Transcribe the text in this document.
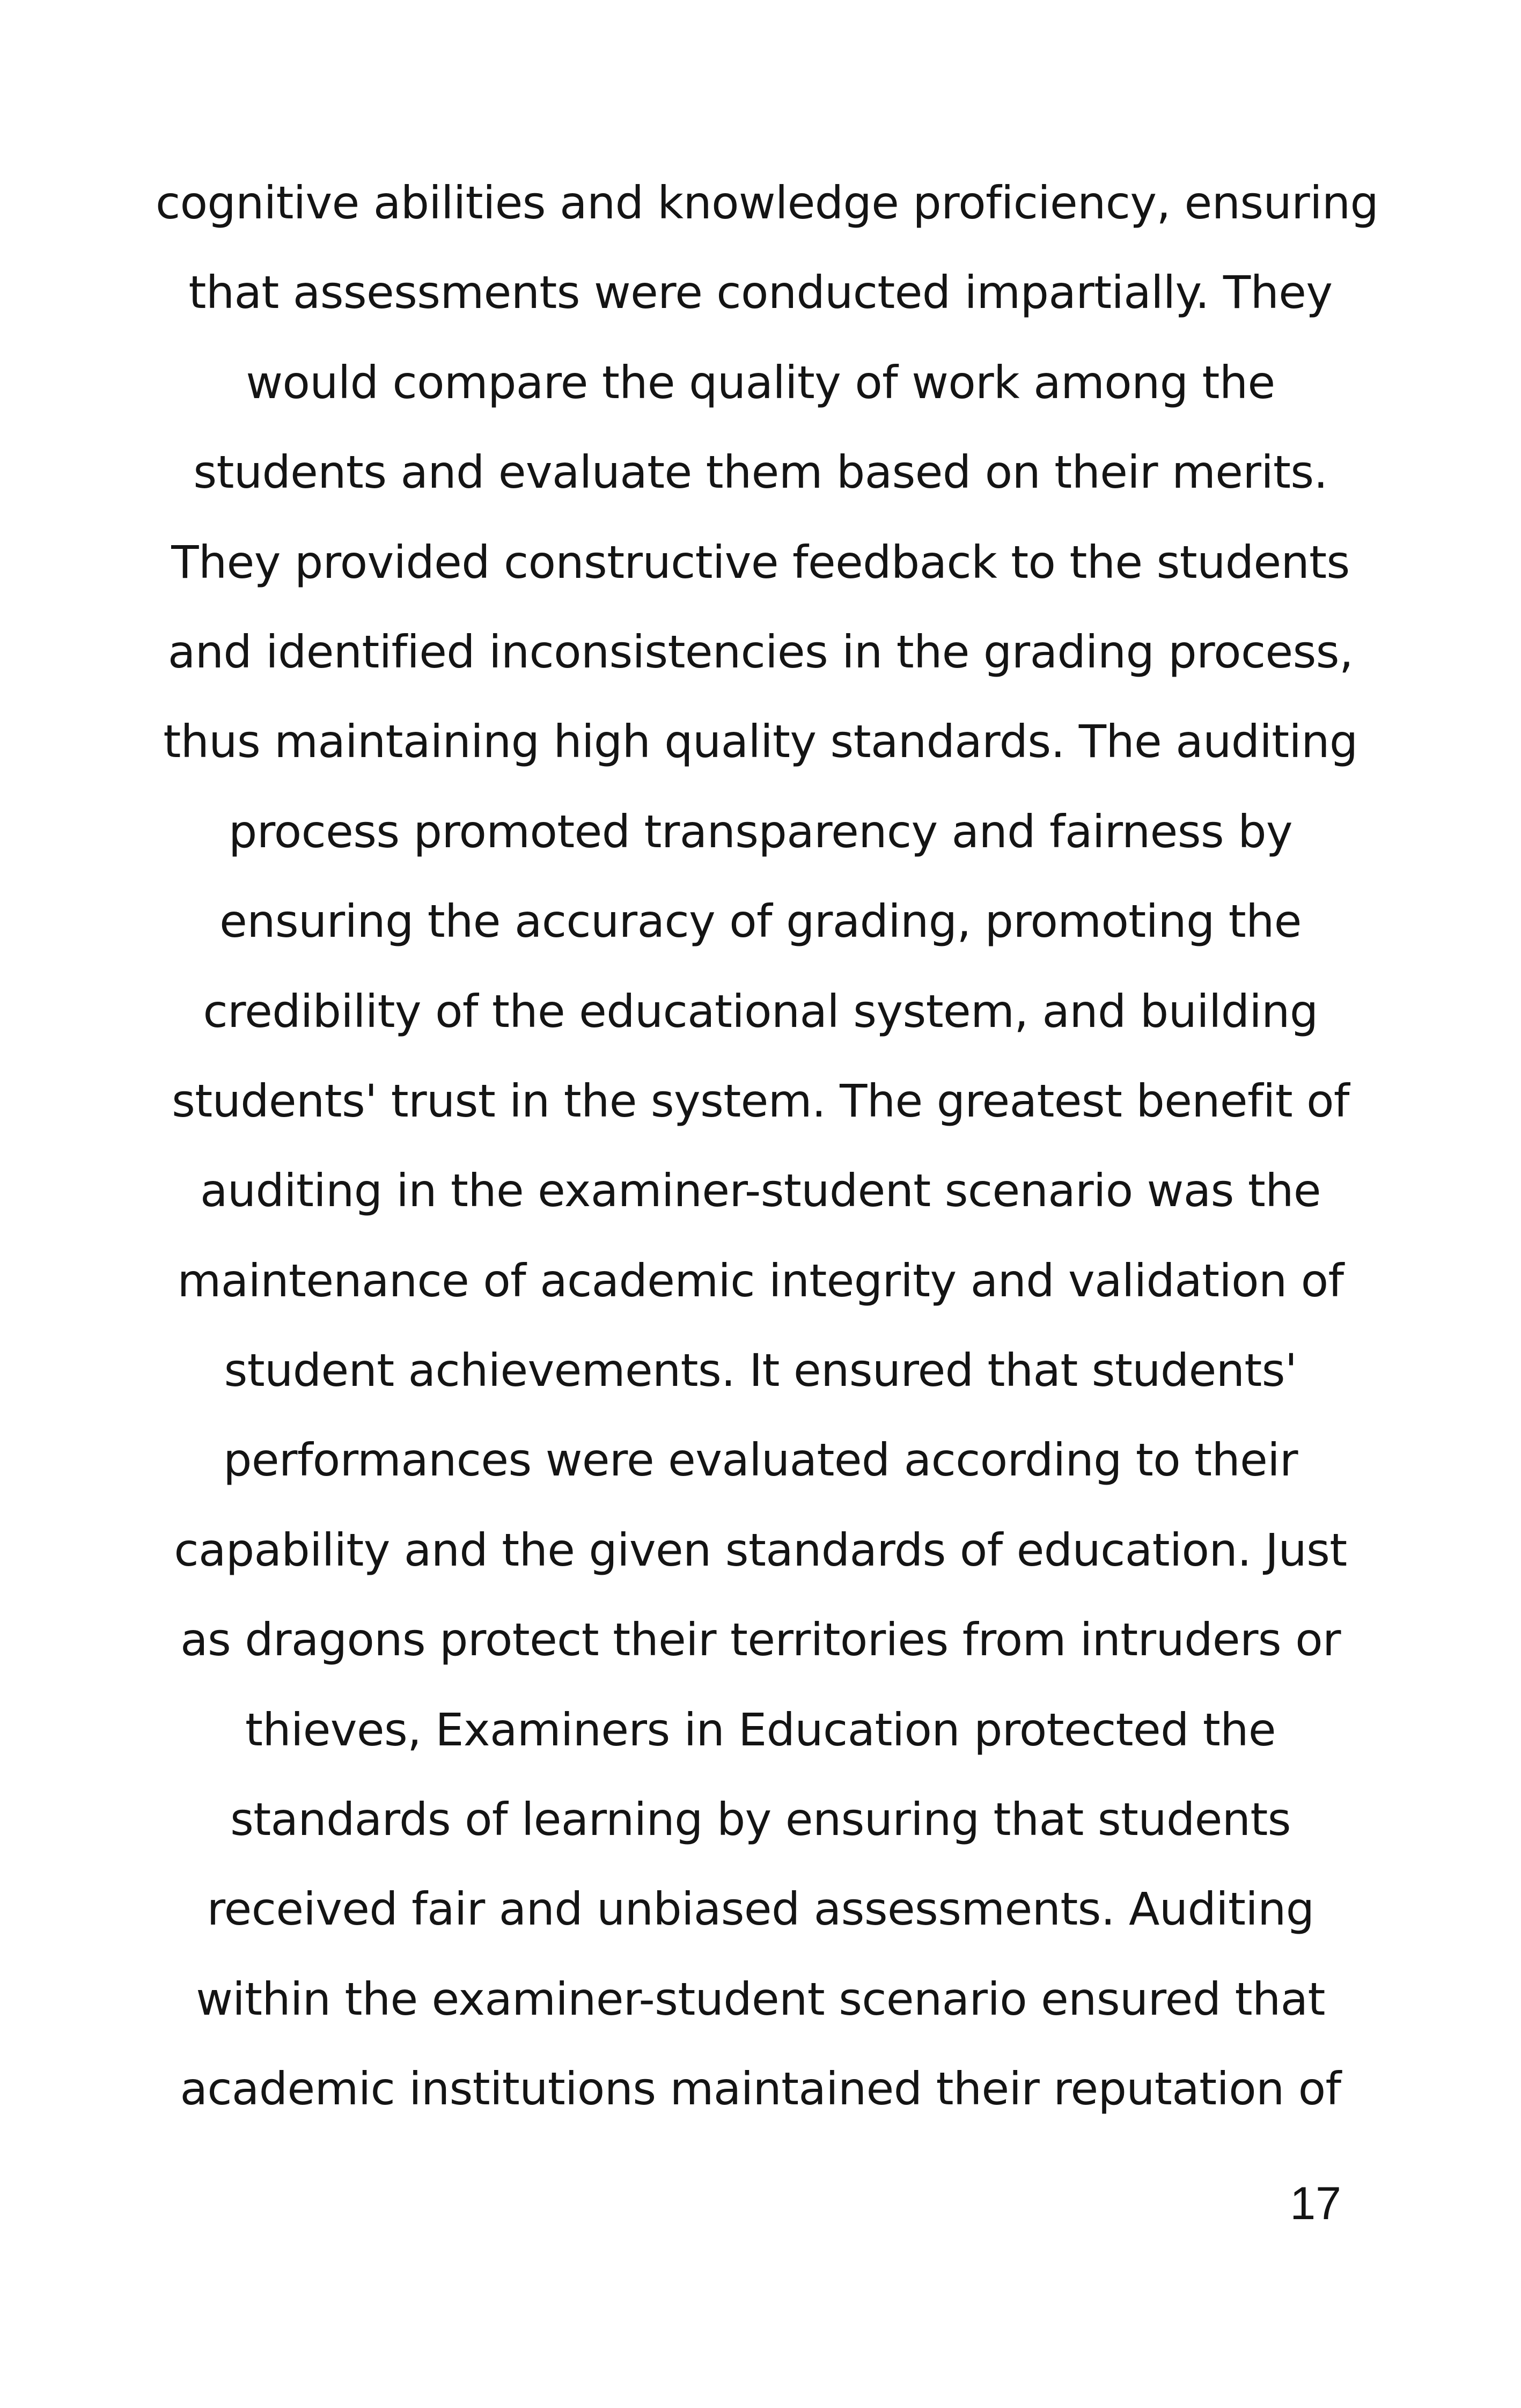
cognitive abilities and knowledge proficiency, ensuring
that assessments were conducted impartially. They
would compare the quality of work among the
students and evaluate them based on their merits.
They provided constructive feedback to the students
and identified inconsistencies in the grading process,
thus maintaining high quality standards. The auditing
process promoted transparency and fairness by
ensuring the accuracy of grading, promoting the
credibility of the educational system, and building
students' trust in the system. The greatest benefit of
auditing in the examiner-student scenario was the
maintenance of academic integrity and validation of
student achievements. It ensured that students'
performances were evaluated according to their
capability and the given standards of education. Just
as dragons protect their territories from intruders or
thieves, Examiners in Education protected the
standards of learning by ensuring that students
received fair and unbiased assessments. Auditing
within the examiner-student scenario ensured that
academic institutions maintained their reputation of

17
